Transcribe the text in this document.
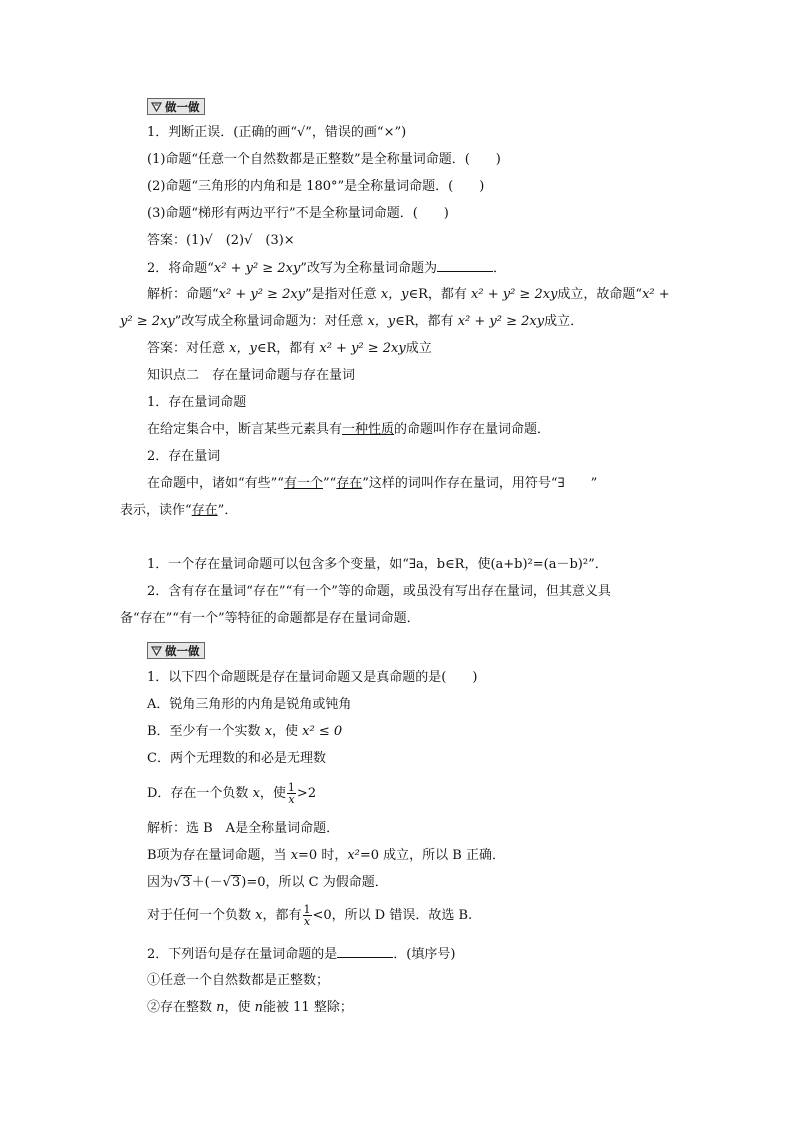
做一做
1．判断正误．(正确的画“√”，错误的画“×”)
(1)命题“任意一个自然数都是正整数”是全称量词命题．( )
(2)命题“三角形的内角和是 180°”是全称量词命题．( )
(3)命题“梯形有两边平行”不是全称量词命题．( )
答案：(1)√　(2)√　(3)×
2．将命题“x² + y² ≥ 2xy”改写为全称量词命题为	．
解析：命题“x² + y² ≥ 2xy”是指对任意 x，y∈R，都有 x² + y² ≥ 2xy成立，故命题“x² +
y² ≥ 2xy”改写成全称量词命题为：对任意 x，y∈R，都有 x² + y² ≥ 2xy成立．
答案：对任意 x，y∈R，都有 x² + y² ≥ 2xy成立
知识点二　存在量词命题与存在量词
1．存在量词命题
在给定集合中，断言某些元素具有一种性质的命题叫作存在量词命题．
2．存在量词
在命题中，诸如“有些”“有一个”“存在”这样的词叫作存在量词，用符号“∃　　”
表示，读作“存在”．
1．一个存在量词命题可以包含多个变量，如“∃a，b∈R，使(a+b)²=(a－b)²”．
2．含有存在量词“存在”“有一个”等的命题，或虽没有写出存在量词，但其意义具
备“存在”“有一个”等特征的命题都是存在量词命题．
做一做
1．以下四个命题既是存在量词命题又是真命题的是( )
A．锐角三角形的内角是锐角或钝角
B．至少有一个实数 x，使 x² ≤ 0
C．两个无理数的和必是无理数
D．存在一个负数 x，使 $\frac{1}{x} >2$
解析：选 B　A是全称量词命题．
B项为存在量词命题，当 x=0 时，x²=0 成立，所以 B 正确．
因为√3＋(－√3)=0，所以 C 为假命题．
对于任何一个负数 x，都有 $\frac{1}{x} <0$，所以 D 错误．故选 B.
2．下列语句是存在量词命题的是	．(填序号)
①任意一个自然数都是正整数；
②存在整数 n，使 n能被 11 整除；
